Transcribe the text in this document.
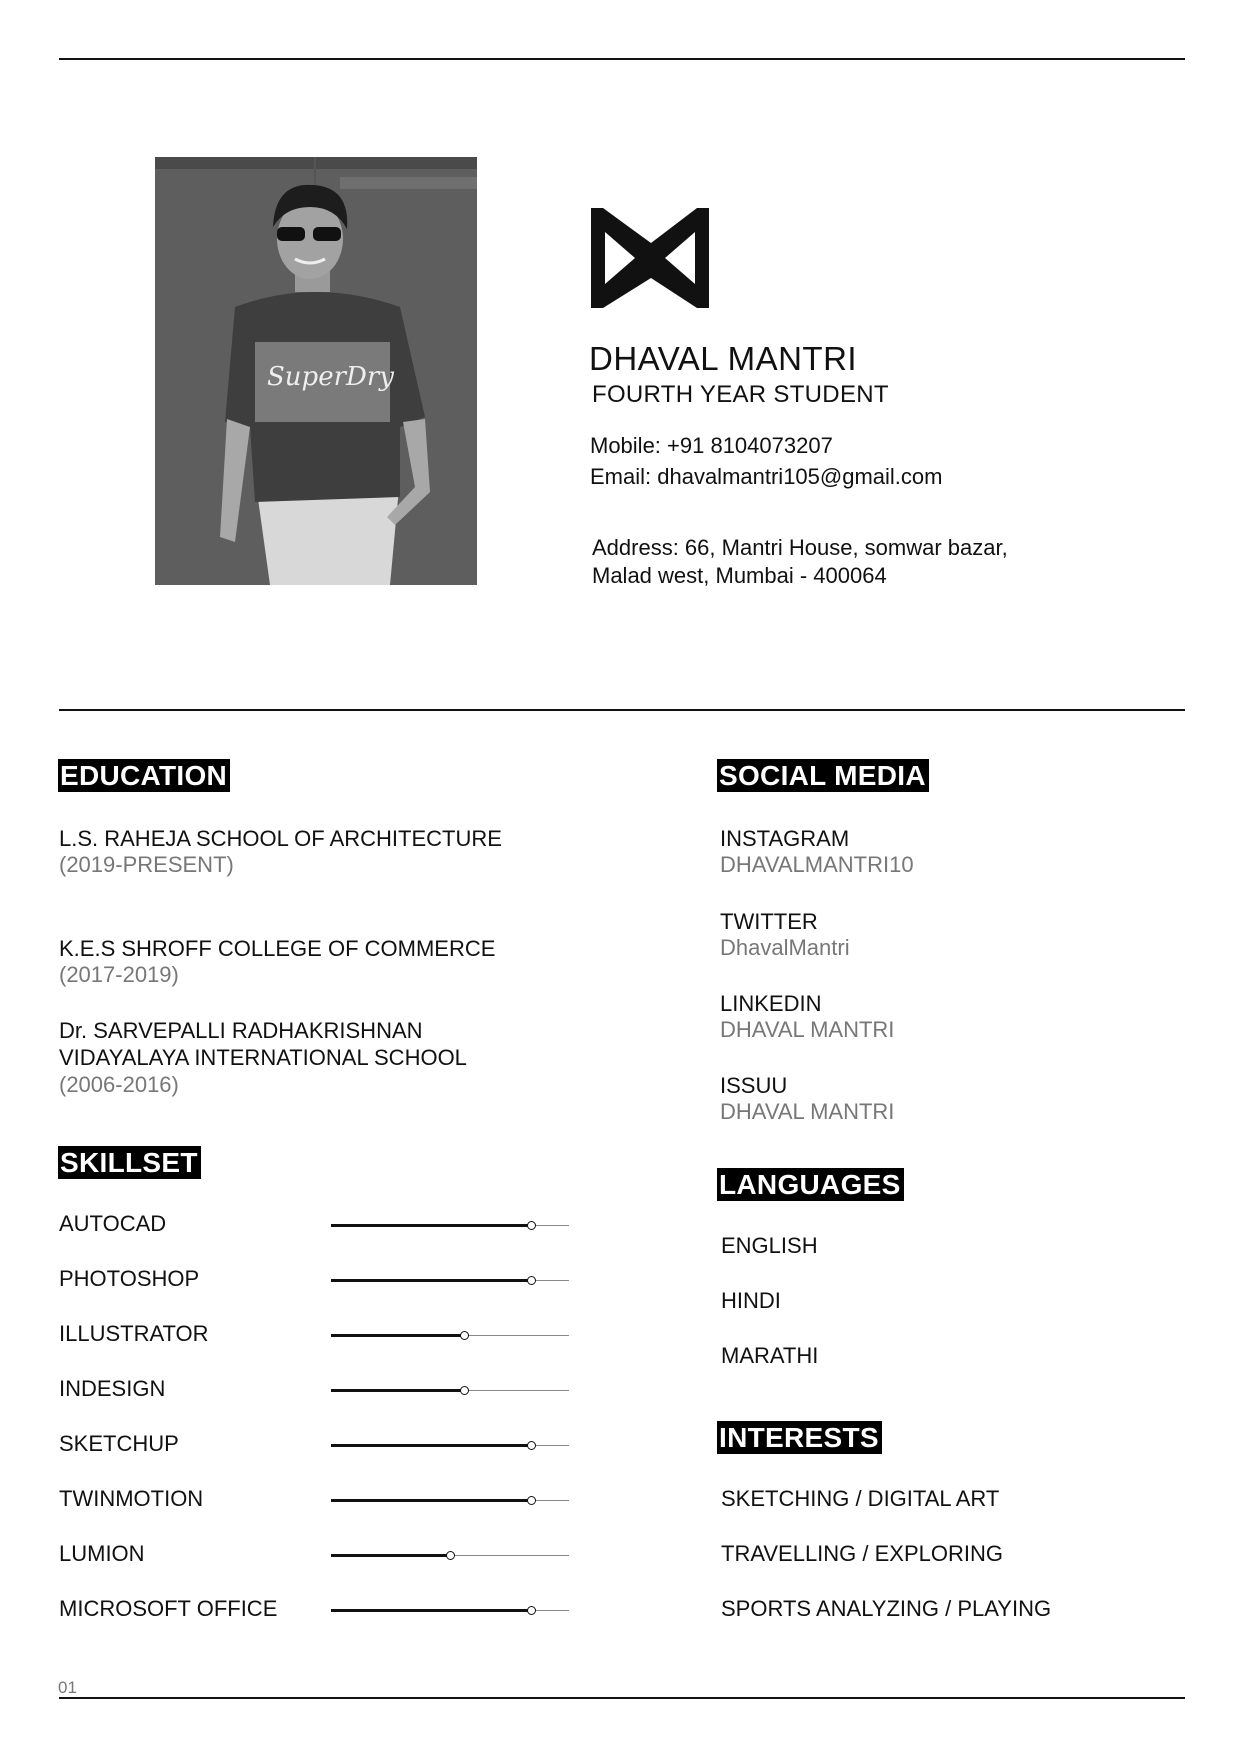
SuperDry	DHAVAL MANTRI
FOURTH YEAR STUDENT
Mobile: +91 8104073207
Email: dhavalmantri105@gmail.com
Address: 66, Mantri House, somwar bazar,
Malad west, Mumbai - 400064
EDUCATION
L.S. RAHEJA SCHOOL OF ARCHITECTURE
(2019-PRESENT)
K.E.S SHROFF COLLEGE OF COMMERCE
(2017-2019)
Dr. SARVEPALLI RADHAKRISHNAN
VIDAYALAYA INTERNATIONAL SCHOOL
(2006-2016)
SKILLSET
AUTOCAD
PHOTOSHOP
ILLUSTRATOR
INDESIGN
SKETCHUP
TWINMOTION
LUMION
MICROSOFT OFFICE
SOCIAL MEDIA
INSTAGRAM
DHAVALMANTRI10
TWITTER
DhavalMantri
LINKEDIN
DHAVAL MANTRI
ISSUU
DHAVAL MANTRI
LANGUAGES
ENGLISH
HINDI
MARATHI
INTERESTS
SKETCHING / DIGITAL ART
TRAVELLING / EXPLORING
SPORTS ANALYZING / PLAYING
01
